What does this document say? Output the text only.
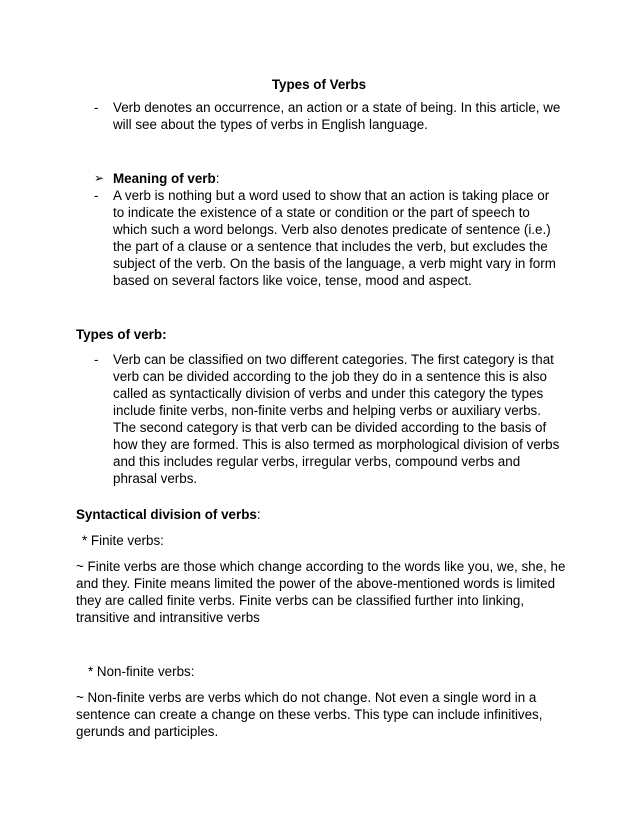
Types of Verbs
-	Verb denotes an occurrence, an action or a state of being. In this article, we will see about the types of verbs in English language.

➢ Meaning of verb:

-	A verb is nothing but a word used to show that an action is taking place or to indicate the existence of a state or condition or the part of speech to which such a word belongs. Verb also denotes predicate of sentence (i.e.) the part of a clause or a sentence that includes the verb, but excludes the subject of the verb. On the basis of the language, a verb might vary in form based on several factors like voice, tense, mood and aspect.

Types of verb:

-	Verb can be classified on two different categories. The first category is that verb can be divided according to the job they do in a sentence this is also called as syntactically division of verbs and under this category the types include finite verbs, non-finite verbs and helping verbs or auxiliary verbs. The second category is that verb can be divided according to the basis of how they are formed. This is also termed as morphological division of verbs and this includes regular verbs, irregular verbs, compound verbs and phrasal verbs.

Syntactical division of verbs:

* Finite verbs:

~ Finite verbs are those which change according to the words like you, we, she, he and they. Finite means limited the power of the above-mentioned words is limited they are called finite verbs. Finite verbs can be classified further into linking, transitive and intransitive verbs

* Non-finite verbs:

~ Non-finite verbs are verbs which do not change. Not even a single word in a sentence can create a change on these verbs. This type can include infinitives, gerunds and participles.
